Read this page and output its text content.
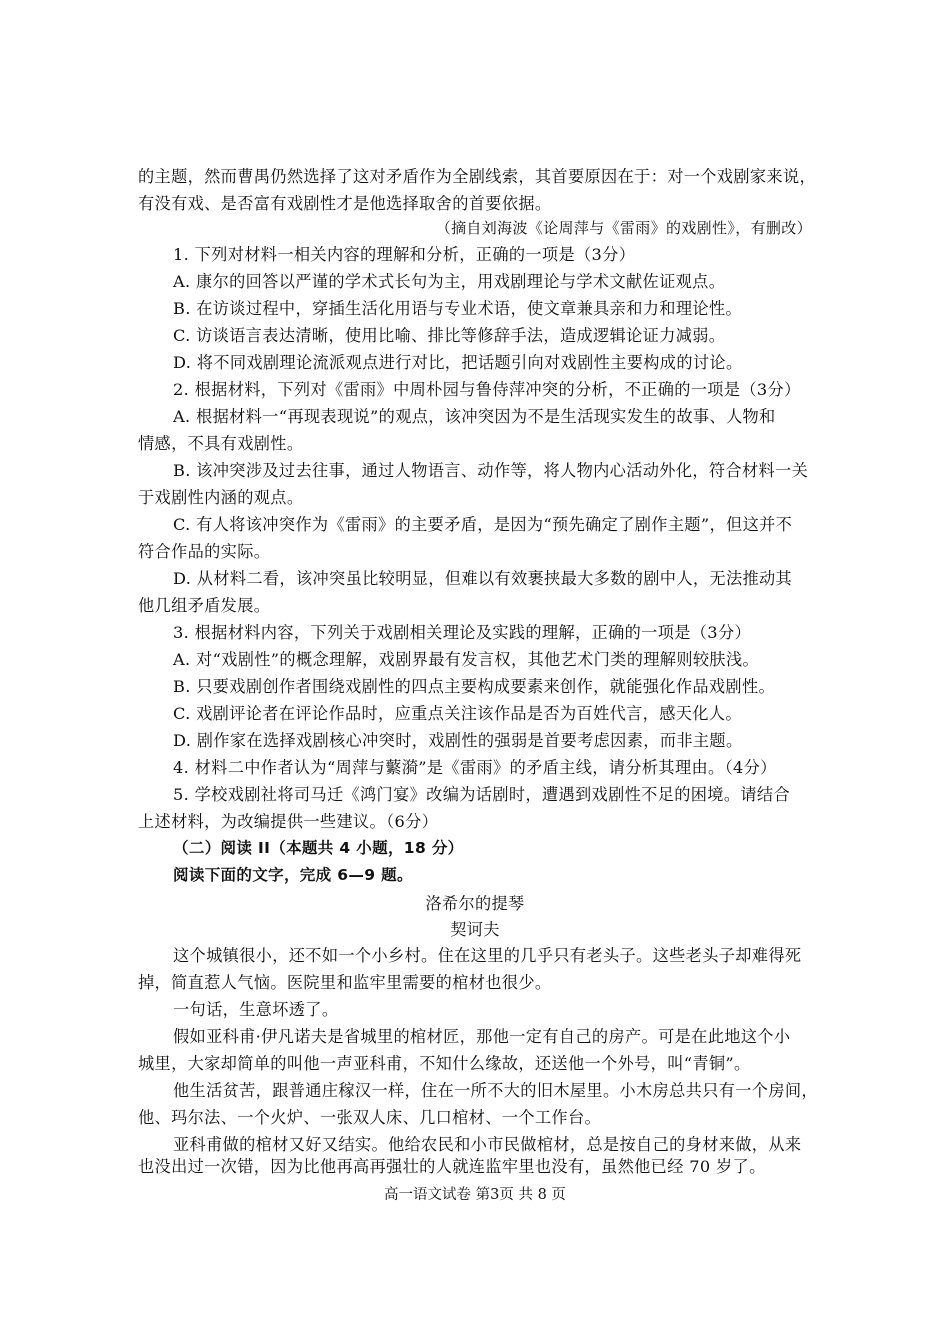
的主题，然而曹禺仍然选择了这对矛盾作为全剧线索，其首要原因在于：对一个戏剧家来说，
有没有戏、是否富有戏剧性才是他选择取舍的首要依据。
（摘自刘海波《论周萍与《雷雨》的戏剧性》，有删改）
1. 下列对材料一相关内容的理解和分析，正确的一项是（3分）
A. 康尔的回答以严谨的学术式长句为主，用戏剧理论与学术文献佐证观点。
B. 在访谈过程中，穿插生活化用语与专业术语，使文章兼具亲和力和理论性。
C. 访谈语言表达清晰，使用比喻、排比等修辞手法，造成逻辑论证力减弱。
D. 将不同戏剧理论流派观点进行对比，把话题引向对戏剧性主要构成的讨论。
2. 根据材料，下列对《雷雨》中周朴园与鲁侍萍冲突的分析，不正确的一项是（3分）
A. 根据材料一“再现表现说”的观点，该冲突因为不是生活现实发生的故事、人物和
情感，不具有戏剧性。
B. 该冲突涉及过去往事，通过人物语言、动作等，将人物内心活动外化，符合材料一关
于戏剧性内涵的观点。
C. 有人将该冲突作为《雷雨》的主要矛盾，是因为“预先确定了剧作主题”，但这并不
符合作品的实际。
D. 从材料二看，该冲突虽比较明显，但难以有效裹挟最大多数的剧中人，无法推动其
他几组矛盾发展。
3. 根据材料内容，下列关于戏剧相关理论及实践的理解，正确的一项是（3分）
A. 对“戏剧性”的概念理解，戏剧界最有发言权，其他艺术门类的理解则较肤浅。
B. 只要戏剧创作者围绕戏剧性的四点主要构成要素来创作，就能强化作品戏剧性。
C. 戏剧评论者在评论作品时，应重点关注该作品是否为百姓代言，感天化人。
D. 剧作家在选择戏剧核心冲突时，戏剧性的强弱是首要考虑因素，而非主题。
4. 材料二中作者认为“周萍与蘩漪”是《雷雨》的矛盾主线，请分析其理由。（4分）
5. 学校戏剧社将司马迁《鸿门宴》改编为话剧时，遭遇到戏剧性不足的困境。请结合
上述材料，为改编提供一些建议。（6分）
（二）阅读 II（本题共 4 小题，18 分）
阅读下面的文字，完成 6—9 题。
洛希尔的提琴
契诃夫
这个城镇很小，还不如一个小乡村。住在这里的几乎只有老头子。这些老头子却难得死
掉，简直惹人气恼。医院里和监牢里需要的棺材也很少。
一句话，生意坏透了。
假如亚科甫·伊凡诺夫是省城里的棺材匠，那他一定有自己的房产。可是在此地这个小
城里，大家却简单的叫他一声亚科甫，不知什么缘故，还送他一个外号，叫“青铜”。
他生活贫苦，跟普通庄稼汉一样，住在一所不大的旧木屋里。小木房总共只有一个房间，
他、玛尔法、一个火炉、一张双人床、几口棺材、一个工作台。
亚科甫做的棺材又好又结实。他给农民和小市民做棺材，总是按自己的身材来做，从来
也没出过一次错，因为比他再高再强壮的人就连监牢里也没有，虽然他已经 70 岁了。
高一语文试卷 第3页 共 8 页
